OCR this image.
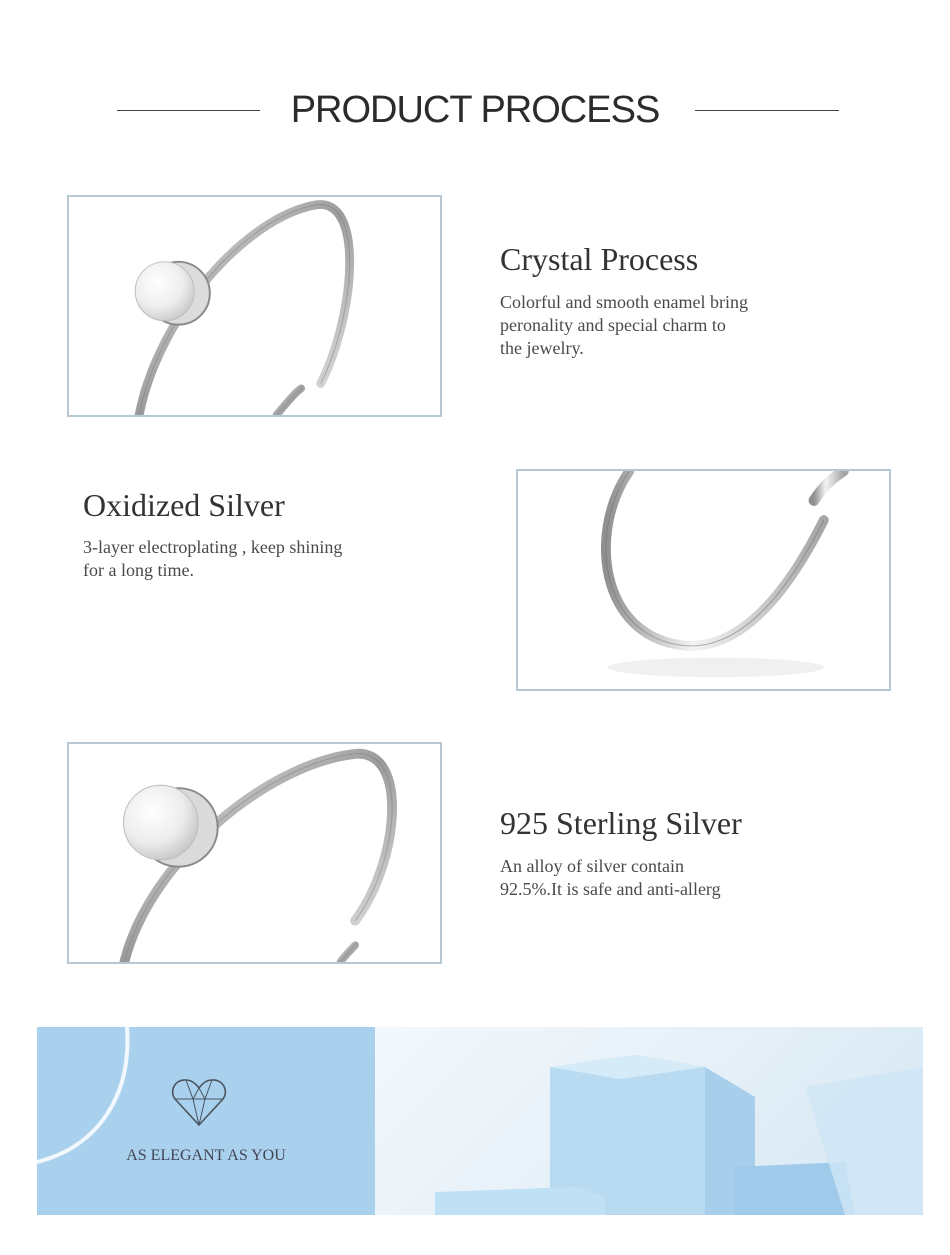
PRODUCT PROCESS
Crystal Process
Colorful and smooth enamel bring
peronality and special charm to
the jewelry.
Oxidized Silver
3-layer electroplating , keep shining
for a long time.
925 Sterling Silver
An alloy of silver contain
92.5%.It is safe and anti-allerg
AS ELEGANT AS YOU
